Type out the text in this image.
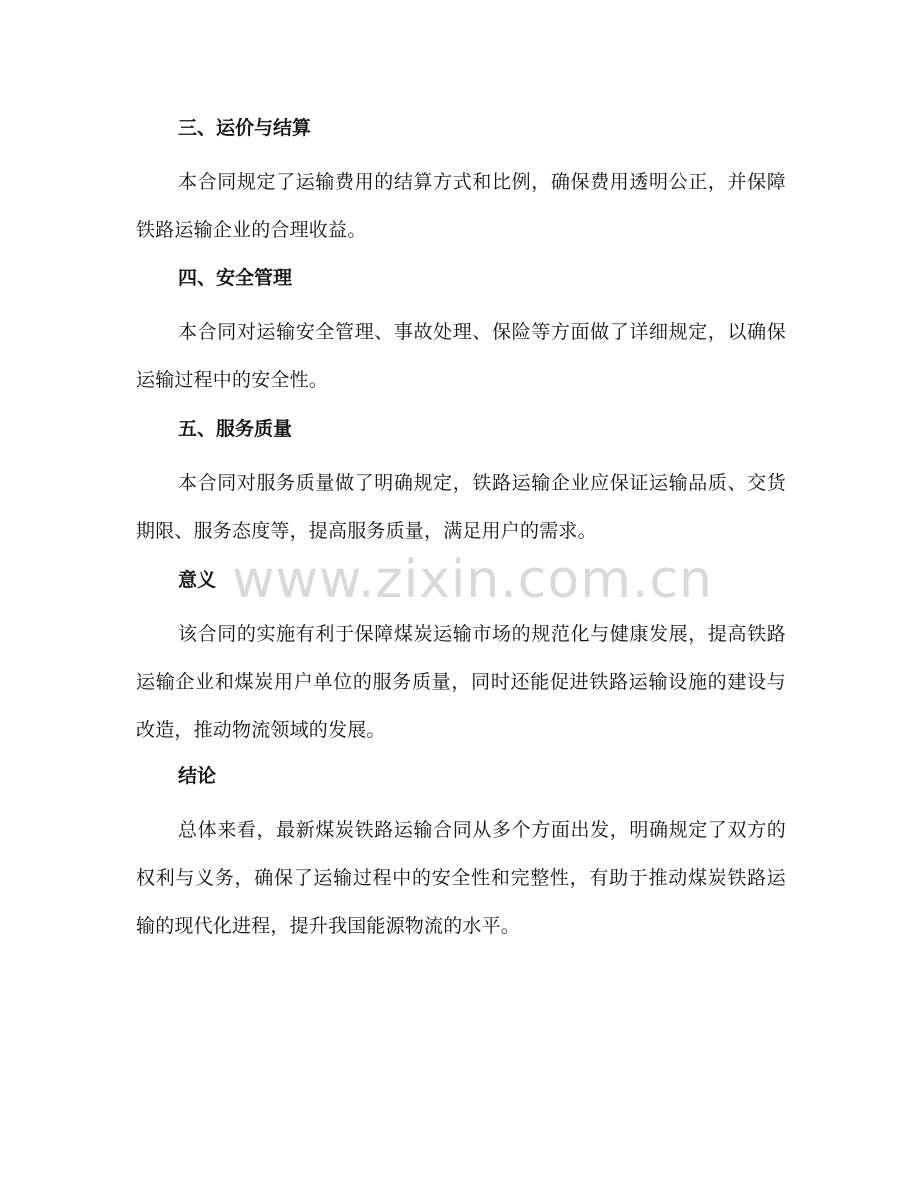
三、运价与结算
本合同规定了运输费用的结算方式和比例，确保费用透明公正，并保障铁路运输企业的合理收益。
四、安全管理
本合同对运输安全管理、事故处理、保险等方面做了详细规定，以确保运输过程中的安全性。
五、服务质量
本合同对服务质量做了明确规定，铁路运输企业应保证运输品质、交货期限、服务态度等，提高服务质量，满足用户的需求。
意义
该合同的实施有利于保障煤炭运输市场的规范化与健康发展，提高铁路运输企业和煤炭用户单位的服务质量，同时还能促进铁路运输设施的建设与改造，推动物流领域的发展。
结论
总体来看，最新煤炭铁路运输合同从多个方面出发，明确规定了双方的权利与义务，确保了运输过程中的安全性和完整性，有助于推动煤炭铁路运输的现代化进程，提升我国能源物流的水平。
www.zixin.com.cn
